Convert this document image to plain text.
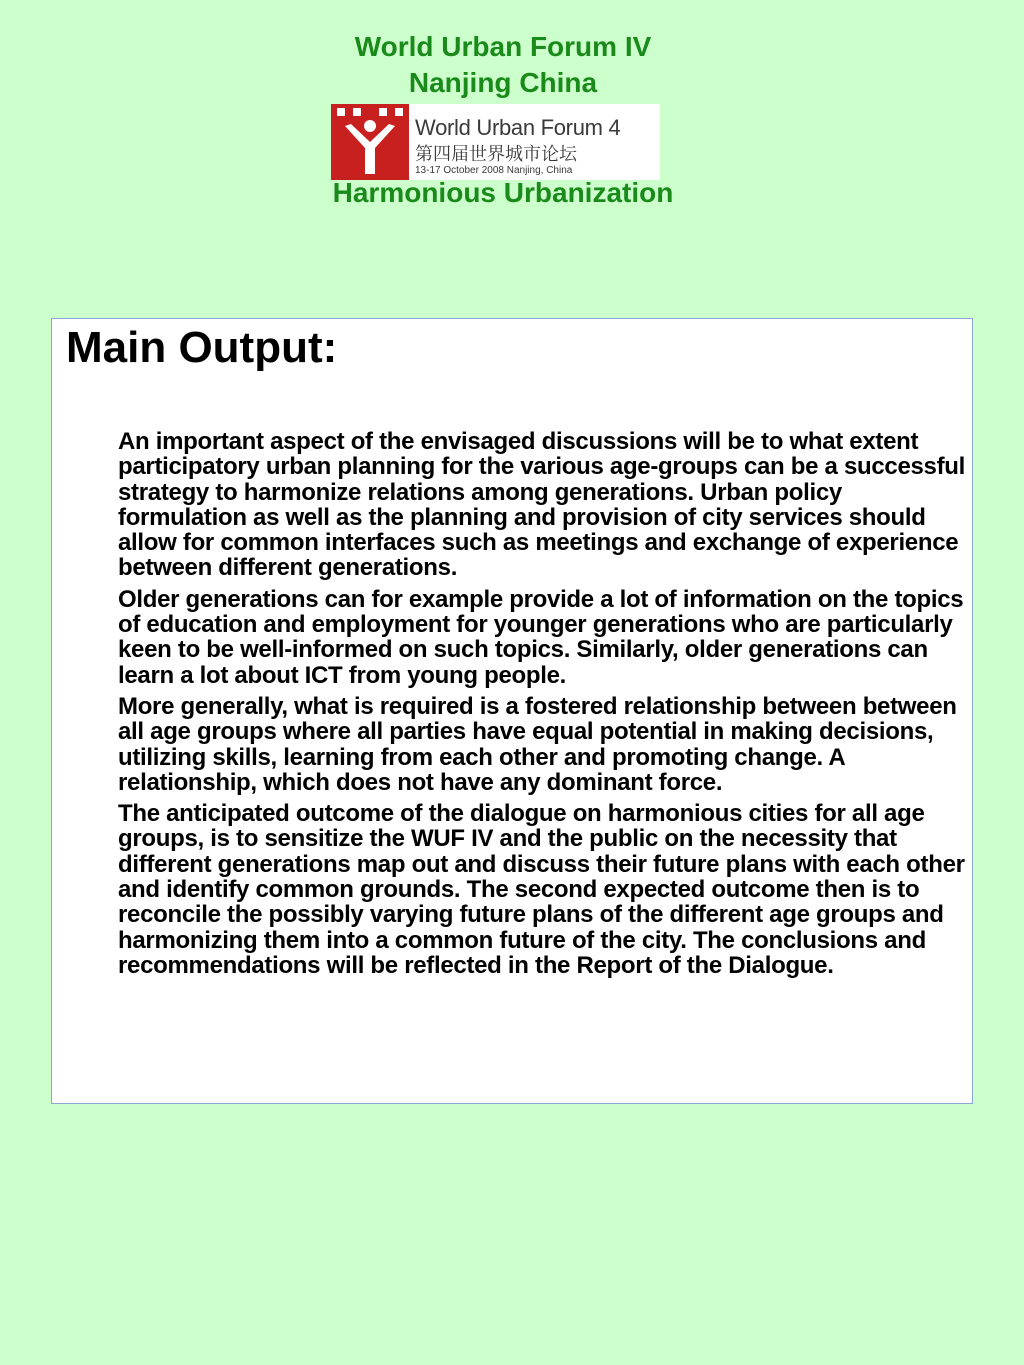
World Urban Forum IV
Nanjing China
World Urban Forum 4
第四届世界城市论坛
13-17 October 2008 Nanjing, China
Harmonious Urbanization
Main Output:

An important aspect of the envisaged discussions will be to what extent participatory urban planning for the various age-groups can be a successful strategy to harmonize relations among generations. Urban policy formulation as well as the planning and provision of city services should allow for common interfaces such as meetings and exchange of experience between different generations.

Older generations can for example provide a lot of information on the topics of education and employment for younger generations who are particularly keen to be well-informed on such topics. Similarly, older generations can learn a lot about ICT from young people.

More generally, what is required is a fostered relationship between between all age groups where all parties have equal potential in making decisions, utilizing skills, learning from each other and promoting change. A relationship, which does not have any dominant force.

The anticipated outcome of the dialogue on harmonious cities for all age groups, is to sensitize the WUF IV and the public on the necessity that different generations map out and discuss their future plans with each other and identify common grounds. The second expected outcome then is to reconcile the possibly varying future plans of the different age groups and harmonizing them into a common future of the city. The conclusions and recommendations will be reflected in the Report of the Dialogue.
